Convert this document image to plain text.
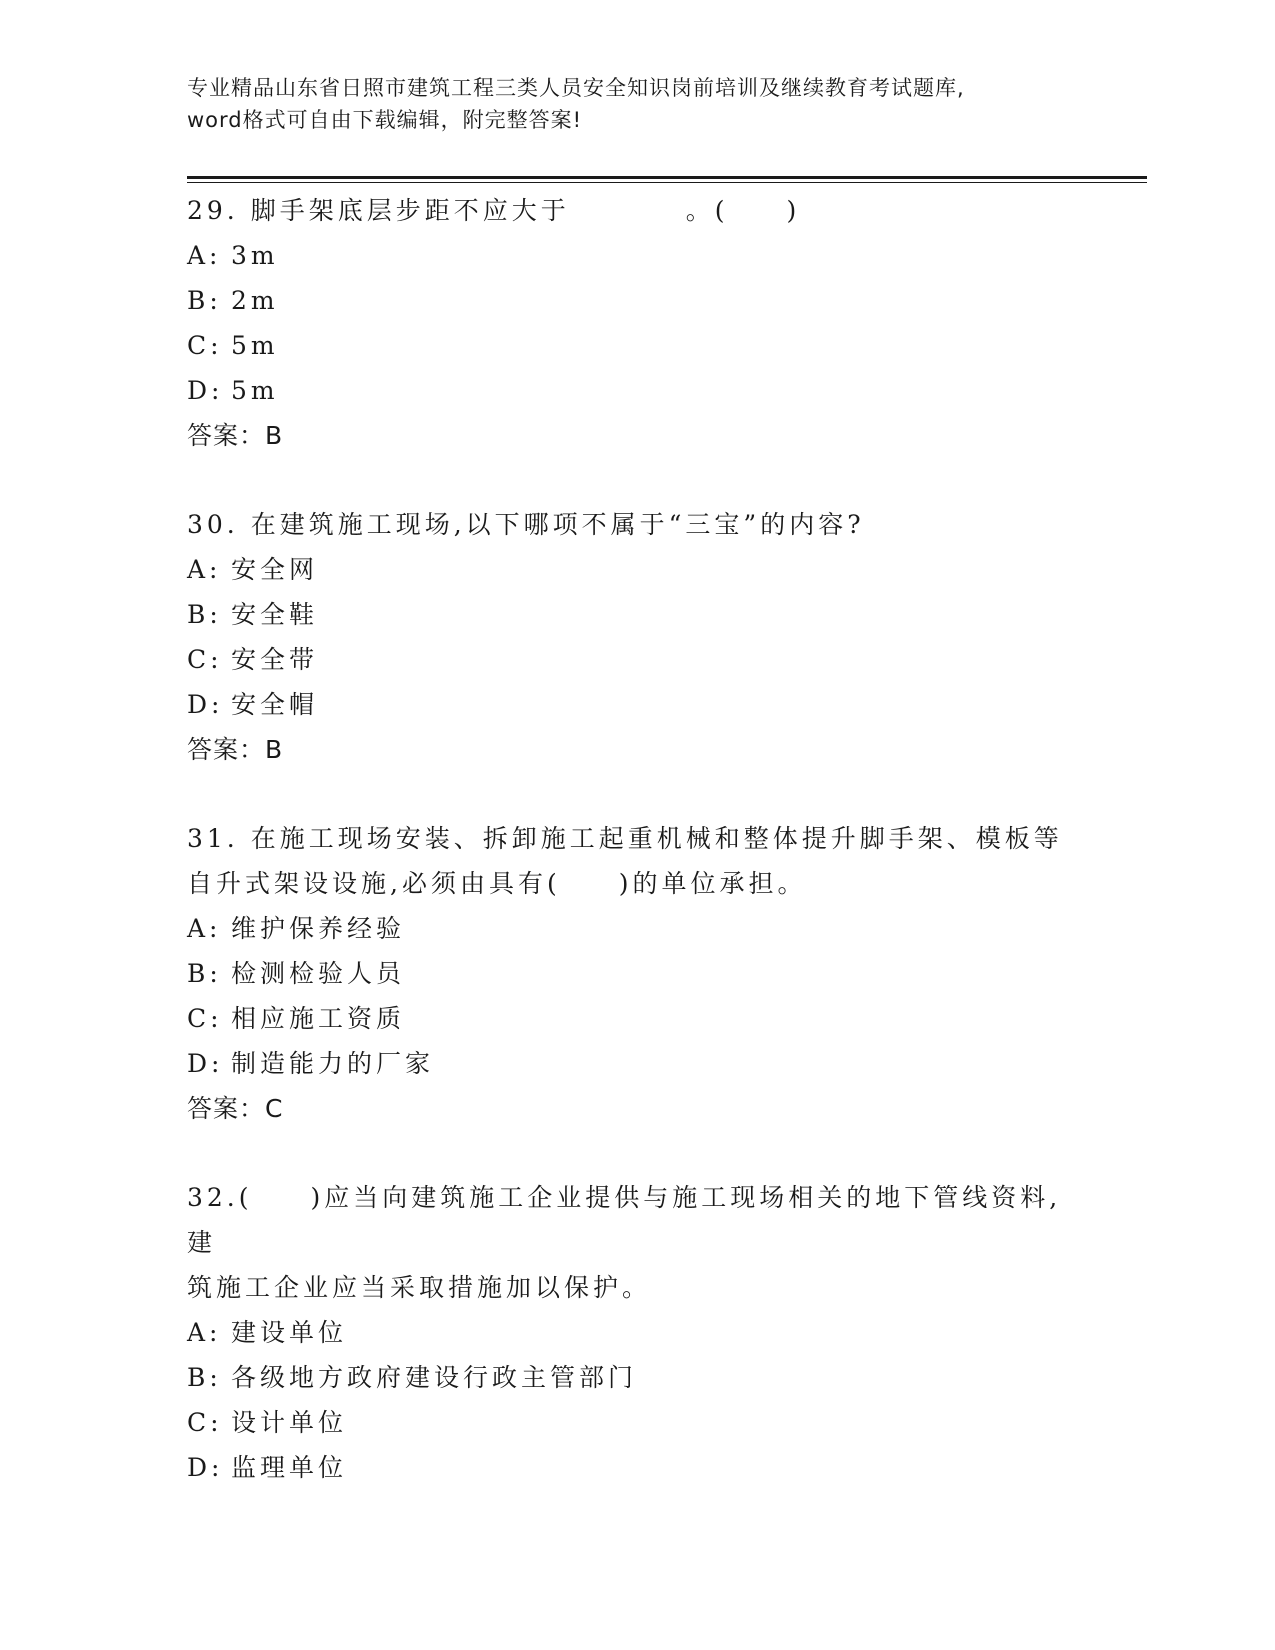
专业精品山东省日照市建筑工程三类人员安全知识岗前培训及继续教育考试题库,
word格式可自由下载编辑，附完整答案!

29. 脚手架底层步距不应大于　　　　。(　　)

A: 3m

B: 2m

C: 5m

D: 5m

答案：B

30. 在建筑施工现场,以下哪项不属于“三宝”的内容?

A: 安全网

B: 安全鞋

C: 安全带

D: 安全帽

答案：B

31. 在施工现场安装、拆卸施工起重机械和整体提升脚手架、模板等

自升式架设设施,必须由具有(　　)的单位承担。

A: 维护保养经验

B: 检测检验人员

C: 相应施工资质

D: 制造能力的厂家

答案：C

32.(　　)应当向建筑施工企业提供与施工现场相关的地下管线资料,建

筑施工企业应当采取措施加以保护。

A: 建设单位

B: 各级地方政府建设行政主管部门

C: 设计单位

D: 监理单位
